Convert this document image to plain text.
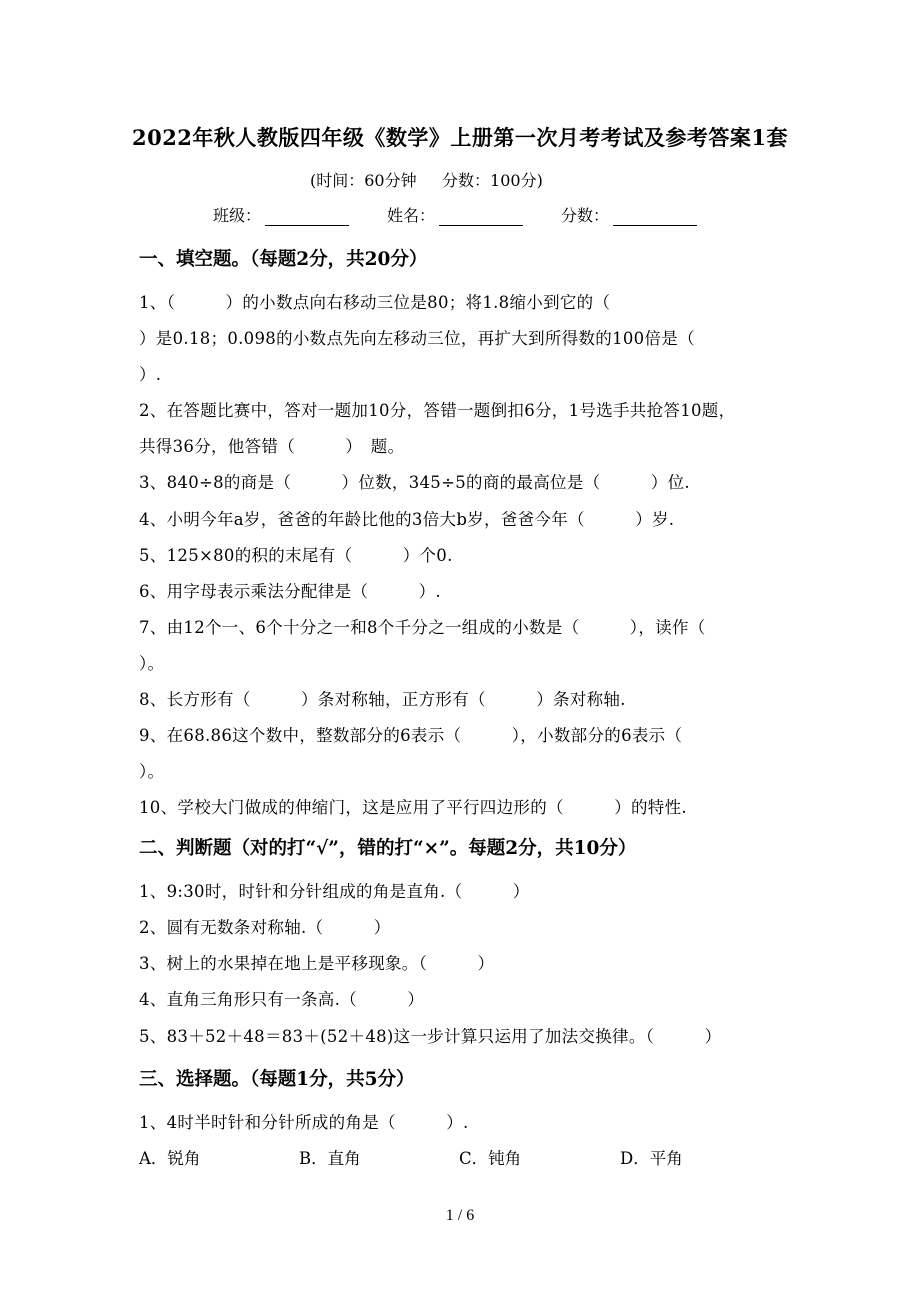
2022年秋人教版四年级《数学》上册第一次月考考试及参考答案1套
(时间：60分钟     分数：100分)
班级：	姓名：	分数：
一、填空题。（每题2分，共20分）
1、（　　　）的小数点向右移动三位是80；将1.8缩小到它的（
）是0.18；0.098的小数点先向左移动三位，再扩大到所得数的100倍是（
）.
2、在答题比赛中，答对一题加10分，答错一题倒扣6分，1号选手共抢答10题，
共得36分，他答错（　　　）　题。
3、840÷8的商是（　　　）位数，345÷5的商的最高位是（　　　）位.
4、小明今年a岁，爸爸的年龄比他的3倍大b岁，爸爸今年（　　　）岁.
5、125×80的积的末尾有（　　　）个0.
6、用字母表示乘法分配律是（　　　）.
7、由12个一、6个十分之一和8个千分之一组成的小数是（　　　），读作（
）。
8、长方形有（　　　）条对称轴，正方形有（　　　）条对称轴.
9、在68.86这个数中，整数部分的6表示（　　　），小数部分的6表示（
）。
10、学校大门做成的伸缩门，这是应用了平行四边形的（　　　）的特性.
二、判断题（对的打“√”，错的打“×”。每题2分，共10分）
1、9:30时，时针和分针组成的角是直角.（　　　）
2、圆有无数条对称轴.（　　　）
3、树上的水果掉在地上是平移现象。（　　　）
4、直角三角形只有一条高.（　　　）
5、83＋52＋48＝83＋(52＋48)这一步计算只运用了加法交换律。（　　　）
三、选择题。（每题1分，共5分）
1、4时半时针和分针所成的角是（　　　）.
A．锐角	B．直角	C．钝角	D．平角
1 / 6
